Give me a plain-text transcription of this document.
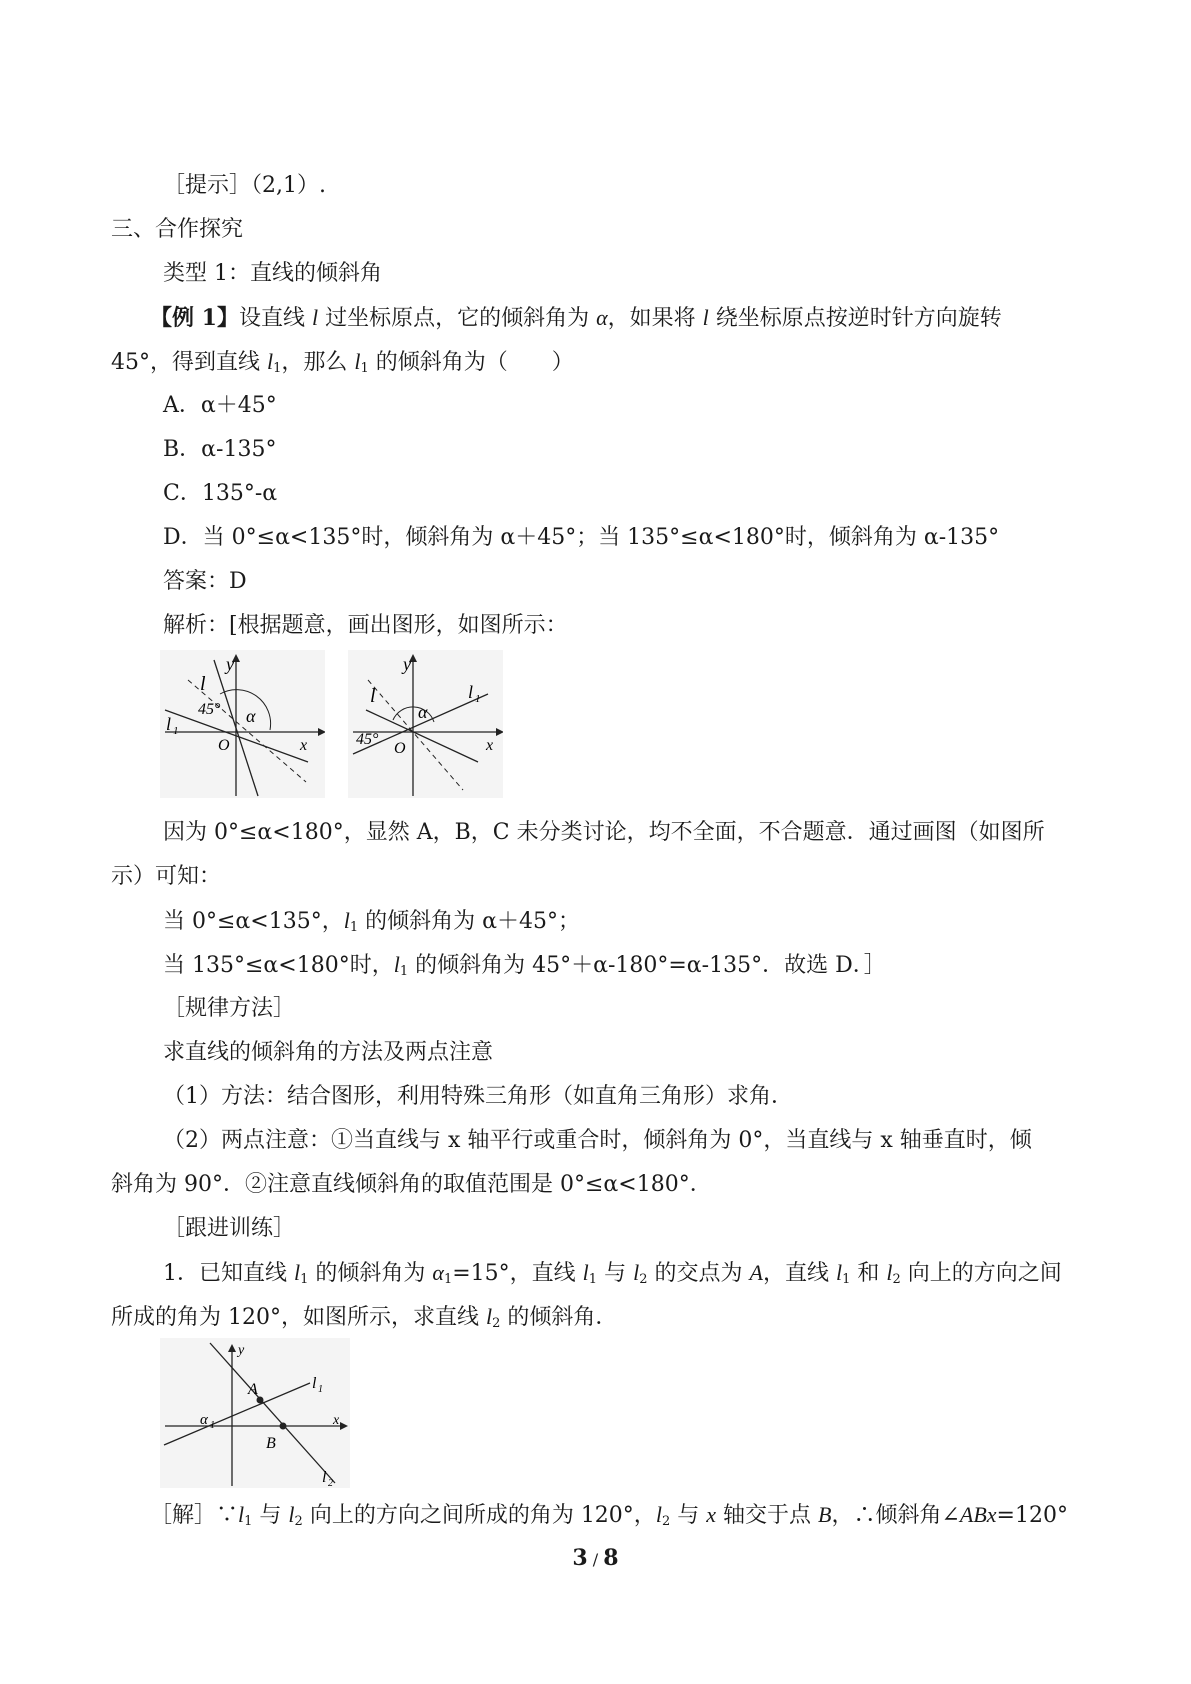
［提示］（2,1）.
三、合作探究
类型 1：直线的倾斜角
【例 1】设直线 l 过坐标原点，它的倾斜角为 α，如果将 l 绕坐标原点按逆时针方向旋转
45°，得到直线 $l_1$，那么 $l_1$ 的倾斜角为（　　）
A．α＋45°
B．α-135°
C．135°-α
D．当 0°≤α<135°时，倾斜角为 α＋45°；当 135°≤α<180°时，倾斜角为 α-135°
答案：D
解析：[根据题意，画出图形，如图所示：
y
l
45° α
l 1
O	x
y
l
α
l 1
45°
O	x
因为 0°≤α<180°，显然 A，B，C 未分类讨论，均不全面，不合题意．通过画图（如图所
示）可知：
当 0°≤α<135°，$l_1$ 的倾斜角为 α＋45°；
当 135°≤α<180°时，$l_1$ 的倾斜角为 45°＋α-180°=α-135°．故选 D．］
［规律方法］
求直线的倾斜角的方法及两点注意
（1）方法：结合图形，利用特殊三角形（如直角三角形）求角．
（2）两点注意：①当直线与 x 轴平行或重合时，倾斜角为 0°，当直线与 x 轴垂直时，倾
斜角为 90°．②注意直线倾斜角的取值范围是 0°≤α<180°．
［跟进训练］
1．已知直线 $l_1$ 的倾斜角为 $\alpha_1=15^\circ$，直线 $l_1$ 与 $l_2$ 的交点为 A，直线 $l_1$ 和 $l_2$ 向上的方向之间
所成的角为 120°，如图所示，求直线 $l_2$ 的倾斜角．
y
A
B
l 1
l 2
α 1	x
［解$]\because l_1$ 与 $l_2$ 向上的方向之间所成的角为 120°，$l_2$ 与 x 轴交于点 B，∴倾斜角∠ABx=120°
3 / 8
